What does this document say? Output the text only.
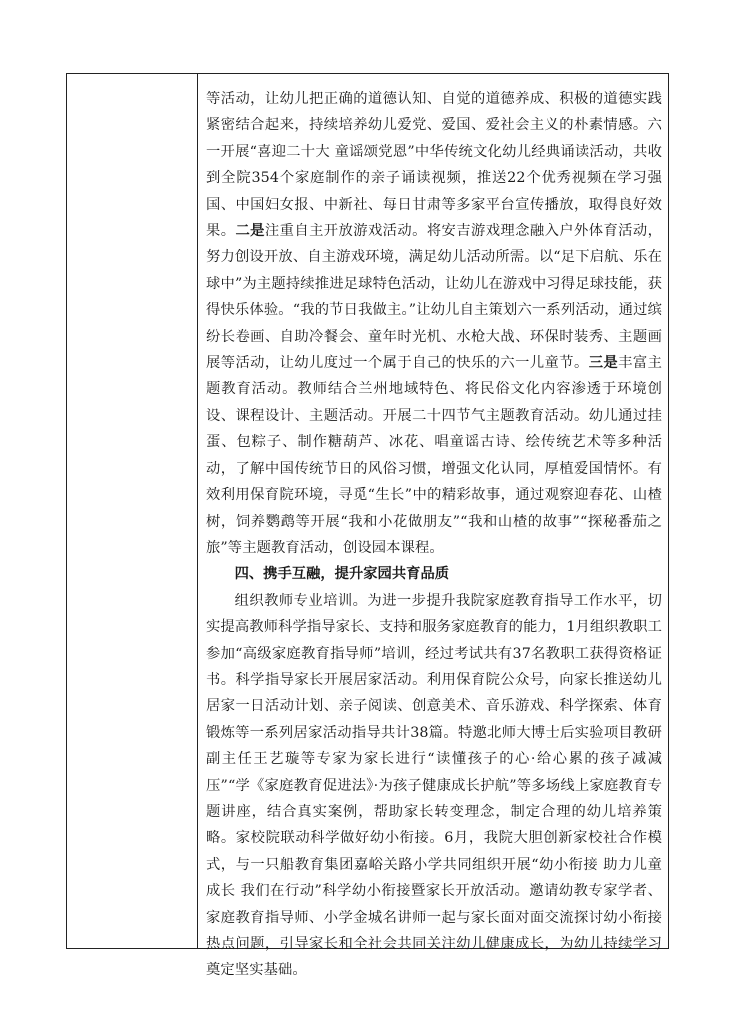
等活动，让幼儿把正确的道德认知、自觉的道德养成、积极的道德实践紧密结合起来，持续培养幼儿爱党、爱国、爱社会主义的朴素情感。六一开展“喜迎二十大 童谣颂党恩”中华传统文化幼儿经典诵读活动，共收到全院354个家庭制作的亲子诵读视频，推送22个优秀视频在学习强国、中国妇女报、中新社、每日甘肃等多家平台宣传播放，取得良好效果。二是注重自主开放游戏活动。将安吉游戏理念融入户外体育活动，努力创设开放、自主游戏环境，满足幼儿活动所需。以“足下启航、乐在球中”为主题持续推进足球特色活动，让幼儿在游戏中习得足球技能，获得快乐体验。“我的节日我做主。”让幼儿自主策划六一系列活动，通过缤纷长卷画、自助冷餐会、童年时光机、水枪大战、环保时装秀、主题画展等活动，让幼儿度过一个属于自己的快乐的六一儿童节。三是丰富主题教育活动。教师结合兰州地域特色、将民俗文化内容渗透于环境创设、课程设计、主题活动。开展二十四节气主题教育活动。幼儿通过挂蛋、包粽子、制作糖葫芦、冰花、唱童谣古诗、绘传统艺术等多种活动，了解中国传统节日的风俗习惯，增强文化认同，厚植爱国情怀。有效利用保育院环境，寻觅“生长”中的精彩故事，通过观察迎春花、山楂树，饲养鹦鹉等开展“我和小花做朋友”“我和山楂的故事”“探秘番茄之旅”等主题教育活动，创设园本课程。

四、携手互融，提升家园共育品质

组织教师专业培训。为进一步提升我院家庭教育指导工作水平，切实提高教师科学指导家长、支持和服务家庭教育的能力，1月组织教职工参加“高级家庭教育指导师”培训，经过考试共有37名教职工获得资格证书。科学指导家长开展居家活动。利用保育院公众号，向家长推送幼儿居家一日活动计划、亲子阅读、创意美术、音乐游戏、科学探索、体育锻炼等一系列居家活动指导共计38篇。特邀北师大博士后实验项目教研副主任王艺璇等专家为家长进行“读懂孩子的心·给心累的孩子减减压”“学《家庭教育促进法》·为孩子健康成长护航”等多场线上家庭教育专题讲座，结合真实案例，帮助家长转变理念，制定合理的幼儿培养策略。家校院联动科学做好幼小衔接。6月，我院大胆创新家校社合作模式，与一只船教育集团嘉峪关路小学共同组织开展“幼小衔接 助力儿童成长 我们在行动”科学幼小衔接暨家长开放活动。邀请幼教专家学者、家庭教育指导师、小学金城名讲师一起与家长面对面交流探讨幼小衔接热点问题，引导家长和全社会共同关注幼儿健康成长，为幼儿持续学习奠定坚实基础。
